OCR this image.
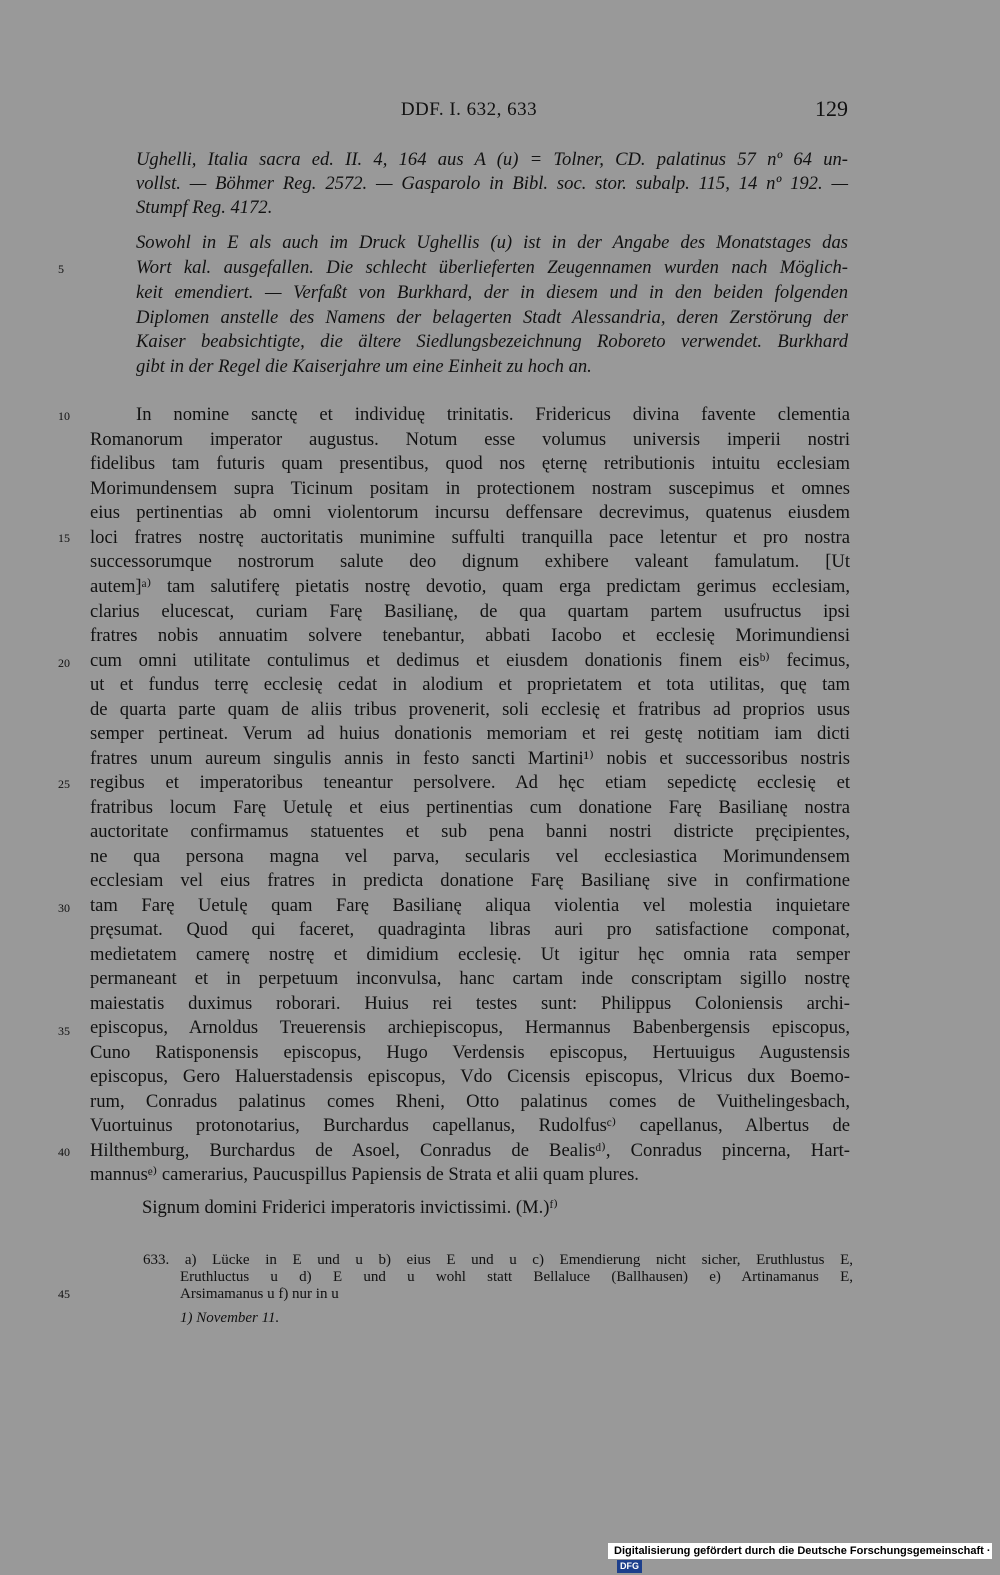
DDF. I. 632, 633	129
Ughelli, Italia sacra ed. II. 4, 164 aus A (u) = Tolner, CD. palatinus 57 nº 64 un-
vollst. — Böhmer Reg. 2572. — Gasparolo in Bibl. soc. stor. subalp. 115, 14 nº 192. —
Stumpf Reg. 4172.
Sowohl in E als auch im Druck Ughellis (u) ist in der Angabe des Monatstages das
Wort kal. ausgefallen. Die schlecht überlieferten Zeugennamen wurden nach Möglich-
keit emendiert. — Verfaßt von Burkhard, der in diesem und in den beiden folgenden
Diplomen anstelle des Namens der belagerten Stadt Alessandria, deren Zerstörung der
Kaiser beabsichtigte, die ältere Siedlungsbezeichnung Roboreto verwendet. Burkhard
gibt in der Regel die Kaiserjahre um eine Einheit zu hoch an.
5
10
15
20
25
30
35
40
45
In nomine sanctę et individuę trinitatis. Fridericus divina favente clementia
Romanorum imperator augustus. Notum esse volumus universis imperii nostri
fidelibus tam futuris quam presentibus, quod nos ęternę retributionis intuitu ecclesiam
Morimundensem supra Ticinum positam in protectionem nostram suscepimus et omnes
eius pertinentias ab omni violentorum incursu deffensare decrevimus, quatenus eiusdem
loci fratres nostrę auctoritatis munimine suffulti tranquilla pace letentur et pro nostra
successorumque nostrorum salute deo dignum exhibere valeant famulatum. [Ut
autem]ᵃ⁾ tam salutiferę pietatis nostrę devotio, quam erga predictam gerimus ecclesiam,
clarius elucescat, curiam Farę Basilianę, de qua quartam partem usufructus ipsi
fratres nobis annuatim solvere tenebantur, abbati Iacobo et ecclesię Morimundiensi
cum omni utilitate contulimus et dedimus et eiusdem donationis finem eisᵇ⁾ fecimus,
ut et fundus terrę ecclesię cedat in alodium et proprietatem et tota utilitas, quę tam
de quarta parte quam de aliis tribus provenerit, soli ecclesię et fratribus ad proprios usus
semper pertineat. Verum ad huius donationis memoriam et rei gestę notitiam iam dicti
fratres unum aureum singulis annis in festo sancti Martini¹⁾ nobis et successoribus nostris
regibus et imperatoribus teneantur persolvere. Ad hęc etiam sepedictę ecclesię et
fratribus locum Farę Uetulę et eius pertinentias cum donatione Farę Basilianę nostra
auctoritate confirmamus statuentes et sub pena banni nostri districte pręcipientes,
ne qua persona magna vel parva, secularis vel ecclesiastica Morimundensem
ecclesiam vel eius fratres in predicta donatione Farę Basilianę sive in confirmatione
tam Farę Uetulę quam Farę Basilianę aliqua violentia vel molestia inquietare
pręsumat. Quod qui faceret, quadraginta libras auri pro satisfactione componat,
medietatem camerę nostrę et dimidium ecclesię. Ut igitur hęc omnia rata semper
permaneant et in perpetuum inconvulsa, hanc cartam inde conscriptam sigillo nostrę
maiestatis duximus roborari. Huius rei testes sunt: Philippus Coloniensis archi-
episcopus, Arnoldus Treuerensis archiepiscopus, Hermannus Babenbergensis episcopus,
Cuno Ratisponensis episcopus, Hugo Verdensis episcopus, Hertuuigus Augustensis
episcopus, Gero Haluerstadensis episcopus, Vdo Cicensis episcopus, Vlricus dux Boemo-
rum, Conradus palatinus comes Rheni, Otto palatinus comes de Vuithelingesbach,
Vuortuinus protonotarius, Burchardus capellanus, Rudolfusᶜ⁾ capellanus, Albertus de
Hilthemburg, Burchardus de Asoel, Conradus de Bealisᵈ⁾, Conradus pincerna, Hart-
mannusᵉ⁾ camerarius, Paucuspillus Papiensis de Strata et alii quam plures.
Signum domini Friderici imperatoris invictissimi. (M.)ᶠ⁾
633. a) Lücke in E und u b) eius E und u c) Emendierung nicht sicher, Eruthlustus E,
Eruthluctus u d) E und u wohl statt Bellaluce (Ballhausen) e) Artinamanus E,
Arsimamanus u f) nur in u
1) November 11.
Digitalisierung gefördert durch die Deutsche Forschungsgemeinschaft ·DFG
